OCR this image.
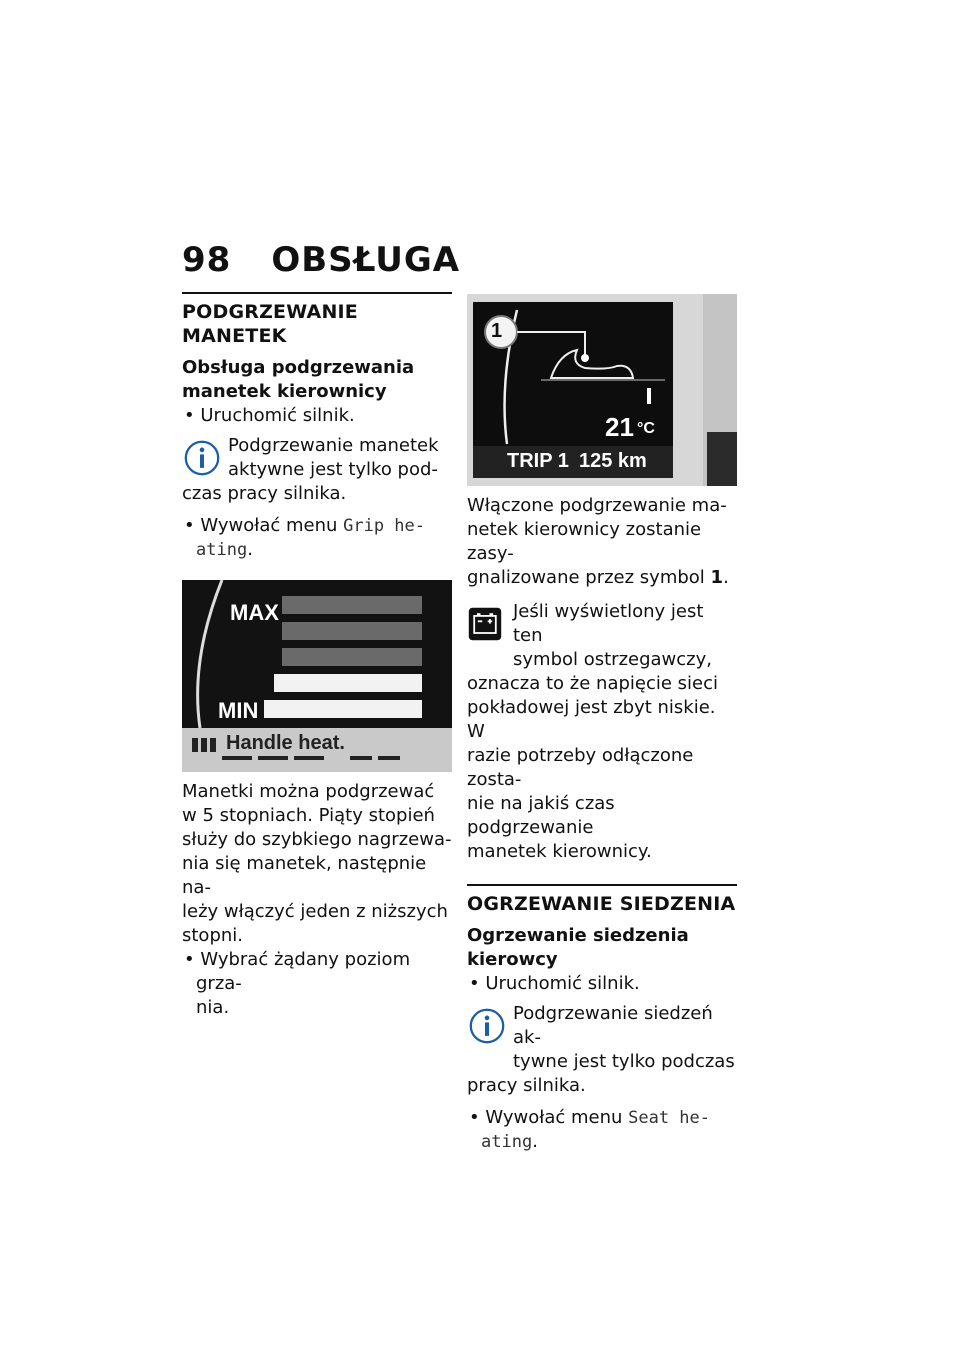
98 OBSŁUGA
PODGRZEWANIE MANETEK
Obsługa podgrzewania
manetek kierownicy
• Uruchomić silnik.

Podgrzewanie manetek

aktywne jest tylko pod-

czas pracy silnika.

• Wywołać menu Grip he-
ating.
MAX
MIN
Handle heat.

Manetki można podgrzewać

w 5 stopniach. Piąty stopień

służy do szybkiego nagrzewa-

nia się manetek, następnie na-

leży włączyć jeden z niższych

stopni.

• Wybrać żądany poziom grza-
nia.
1
21 °C
TRIP 1 125 km

Włączone podgrzewanie ma-

netek kierownicy zostanie zasy-

gnalizowane przez symbol 1.

Jeśli wyświetlony jest ten

symbol ostrzegawczy,

oznacza to że napięcie sieci

pokładowej jest zbyt niskie. W

razie potrzeby odłączone zosta-

nie na jakiś czas podgrzewanie

manetek kierownicy.

OGRZEWANIE SIEDZENIA
Ogrzewanie siedzenia
kierowcy
• Uruchomić silnik.

Podgrzewanie siedzeń ak-

tywne jest tylko podczas

pracy silnika.

• Wywołać menu Seat he-
ating.
